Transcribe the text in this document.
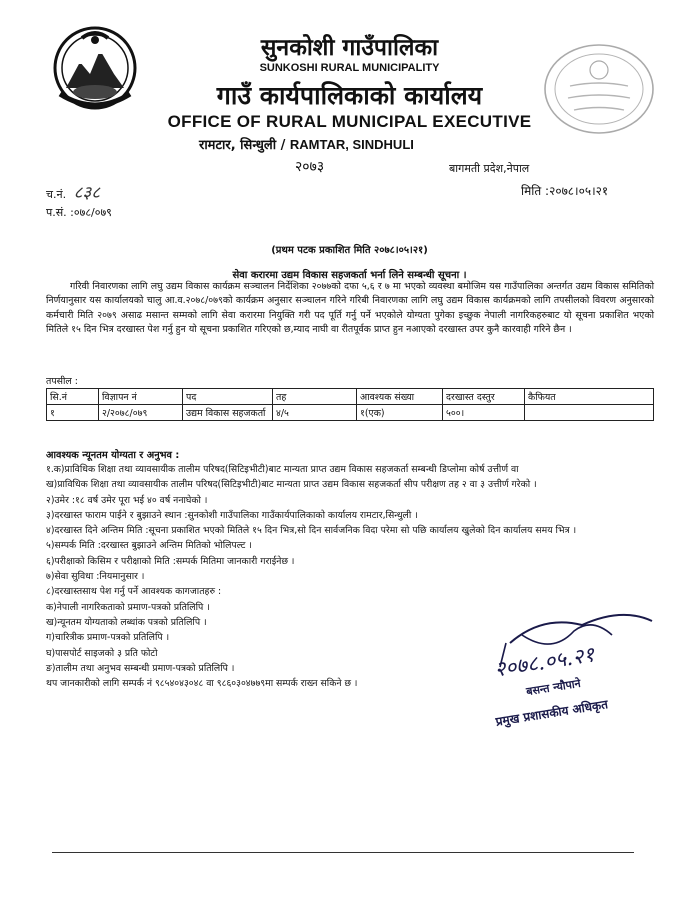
सुनकोशी गाउँपालिका
SUNKOSHI RURAL MUNICIPALITY
गाउँ कार्यपालिकाको कार्यालय
OFFICE OF RURAL MUNICIPAL EXECUTIVE
रामटार, सिन्धुली / RAMTAR, SINDHULI
२०७३	बागमती प्रदेश,नेपाल
च.नं. ८३८	मिति :२०७८।०५।२१
प.सं. :०७८/०७९
(प्रथम पटक प्रकाशित मिति २०७८।०५।२१)
सेवा करारमा उद्यम विकास सहजकर्ता भर्ना लिने सम्बन्धी सूचना ।
गरिवी निवारणका लागि लघु उद्यम विकास कार्यक्रम सञ्चालन निर्देशिका २०७७को दफा ५,६ र ७ मा भएको व्यवस्था बमोजिम यस गाउँपालिका अन्तर्गत उद्यम विकास समितिको निर्णयानुसार यस कार्यालयको चालु आ.व.२०७८/०७९को कार्यक्रम अनुसार सञ्चालन गरिने गरिबी निवारणका लागि लघु उद्यम विकास कार्यक्रमको लागि तपसीलको विवरण अनुसारको कर्मचारी मिति २०७९ असाढ मसान्त सम्मको लागि सेवा करारमा नियुक्ति गरी पद पूर्ति गर्नु पर्ने भएकोले योग्यता पुगेका इच्छुक नेपाली नागरिकहरुबाट यो सूचना प्रकाशित भएको मितिले १५ दिन भित्र दरखास्त पेश गर्नु हुन यो सूचना प्रकाशित गरिएको छ,म्याद नाघी वा रीतपूर्वक प्राप्त हुन नआएको दरखास्त उपर कुनै कारवाही गरिने छैन ।
तपसील :
सि.नं	विज्ञापन नं	पद	तह	आवश्यक संख्या	दरखास्त दस्तुर	कैफियत
१	२/२०७८/०७९	उद्यम विकास सहजकर्ता	४/५	१(एक)	५००।	
आवश्यक न्यूनतम योग्यता र अनुभव :

१.क)प्राविधिक शिक्षा तथा व्यावसायीक तालीम परिषद(सिटिइभीटी)बाट मान्यता प्राप्त उद्यम विकास सहजकर्ता सम्बन्धी डिप्लोमा कोर्ष उत्तीर्ण वा

ख)प्राविधिक शिक्षा तथा व्यावसायीक तालीम परिषद(सिटिइभीटी)बाट मान्यता प्राप्त उद्यम विकास सहजकर्ता सीप परीक्षण तह २ वा ३ उत्तीर्ण गरेको ।

२)उमेर :१८ वर्ष उमेर पूरा भई ४० वर्ष ननाघेको ।

३)दरखास्त फाराम पाईने र बुझाउने स्थान :सुनकोशी गाउँपालिका गाउँकार्यपालिकाको कार्यालय रामटार,सिन्धुली ।

४)दरखास्त दिने अन्तिम मिति :सूचना प्रकाशित भएको मितिले १५ दिन भित्र,सो दिन सार्वजनिक विदा परेमा सो पछि कार्यालय खुलेको दिन कार्यालय समय भित्र ।

५)सम्पर्क मिति :दरखास्त बुझाउने अन्तिम मितिको भोलिपल्ट ।

६)परीक्षाको किसिम र परीक्षाको मिति :सम्पर्क मितिमा जानकारी गराईनेछ ।

७)सेवा सुविधा :नियमानुसार ।

८)दरखास्तसाथ पेश गर्नु पर्ने आवश्यक कागजातहरु :

क)नेपाली नागरिकताको प्रमाण-पत्रको प्रतिलिपि ।

ख)न्यूनतम योग्यताको लब्धांक पत्रको प्रतिलिपि ।

ग)चारित्रीक प्रमाण-पत्रको प्रतिलिपि ।

घ)पासपोर्ट साइजको ३ प्रति फोटो

ङ)तालीम तथा अनुभव सम्बन्धी प्रमाण-पत्रको प्रतिलिपि ।

थप जानकारीको लागि सम्पर्क नं ९८५४०४३०४८ वा ९८६०३०४७७९मा सम्पर्क राख्न सकिने छ ।

२०७८.०५.२१
बसन्त न्यौपाने
प्रमुख प्रशासकीय अधिकृत
